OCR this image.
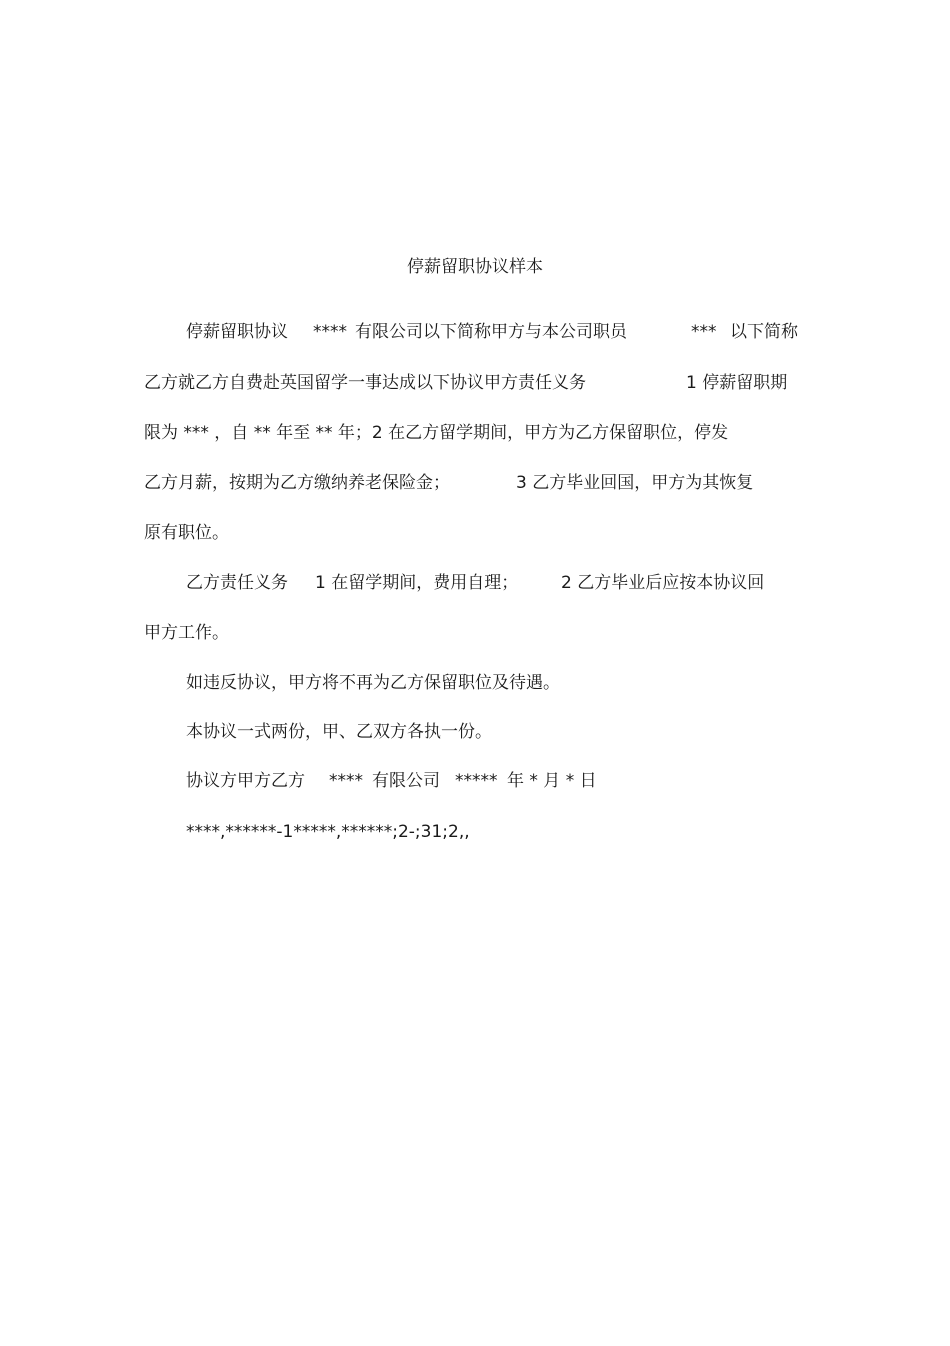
停薪留职协议样本
停薪留职协议 **** 有限公司以下简称甲方与本公司职员	*** 以下简称
乙方就乙方自费赴英国留学一事达成以下协议甲方责任义务	1 停薪留职期
限为 *** ，自 ** 年至 ** 年；2 在乙方留学期间，甲方为乙方保留职位，停发
乙方月薪，按期为乙方缴纳养老保险金；	3 乙方毕业回国，甲方为其恢复
原有职位。
乙方责任义务 1 在留学期间，费用自理；	2 乙方毕业后应按本协议回
甲方工作。
如违反协议，甲方将不再为乙方保留职位及待遇。
本协议一式两份，甲、乙双方各执一份。
协议方甲方乙方 **** 有限公司 ***** 年 * 月 * 日
****,******-1*****,******;2-;31;2,,
